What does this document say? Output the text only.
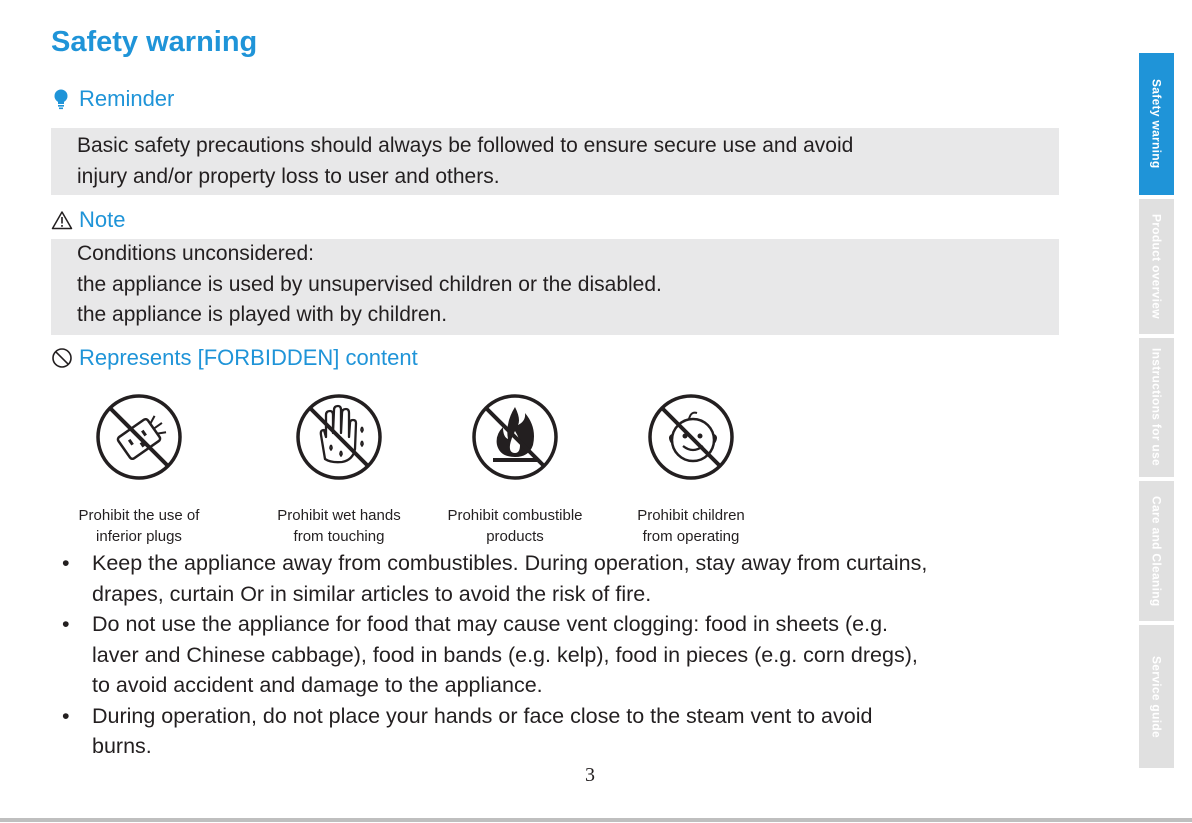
Safety warning
Reminder

Basic safety precautions should always be followed to ensure secure use and avoid

injury and/or property loss to user and others.

Note

Conditions unconsidered:

the appliance is used by unsupervised children or the disabled.

the appliance is played with by children.

Represents [FORBIDDEN] content
Prohibit the use of
inferior plugs
Prohibit wet hands
from touching
Prohibit combustible
products
Prohibit children
from operating
• Keep the appliance away from combustibles. During operation, stay away from curtains,
drapes, curtain Or in similar articles to avoid the risk of fire.
• Do not use the appliance for food that may cause vent clogging: food in sheets (e.g.
laver and Chinese cabbage), food in bands (e.g. kelp), food in pieces (e.g. corn dregs),
to avoid accident and damage to the appliance.
• During operation, do not place your hands or face close to the steam vent to avoid
burns.
3
Safety warning
Product overview
Instructions for use
Care and Cleaning
Service guide
